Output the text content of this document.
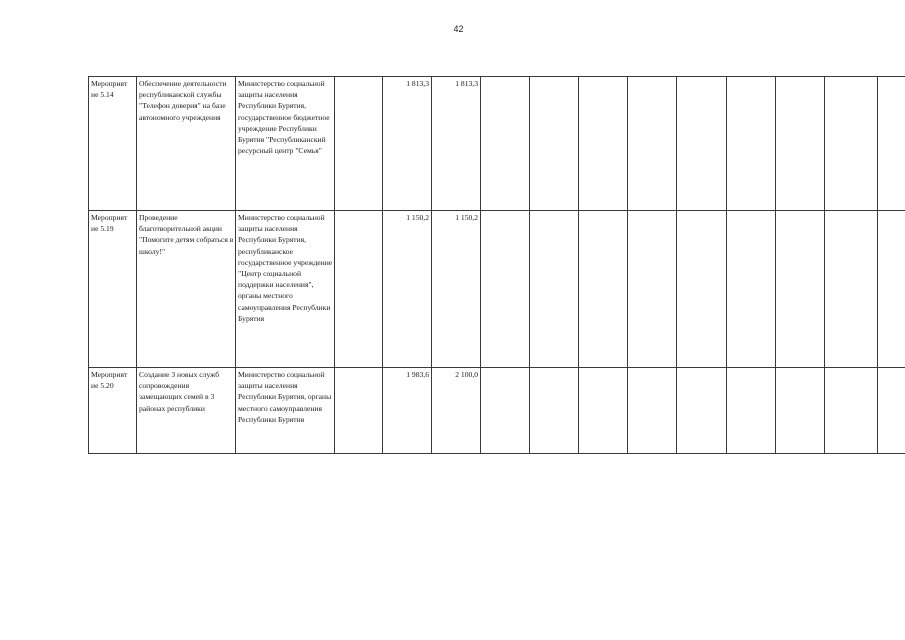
42
Мероприят ие 5.14	Обеспечение деятельности республиканской службы "Телефон доверия" на базе автономного учреждения	Министерство социальной защиты населения Республики Бурятия, государственное бюджетное учреждение Республики Бурятия "Республиканский ресурсный центр "Семья"		1 813,3	1 813,3									
Мероприят ие 5.19	Проведение благотворительной акции "Помогите детям собраться в школу!"	Министерство социальной защиты населения Республики Бурятия, республиканское государственное учреждение "Центр социальной поддержки населения", органы местного самоуправления Республики Бурятия		1 150,2	1 150,2									
Мероприят ие 5.20	Создание 3 новых служб сопровождения замещающих семей в 3 районах республики	Министерство социальной защиты населения Республики Бурятия, органы местного самоуправления Республики Бурятия		1 983,6	2 100,0									
